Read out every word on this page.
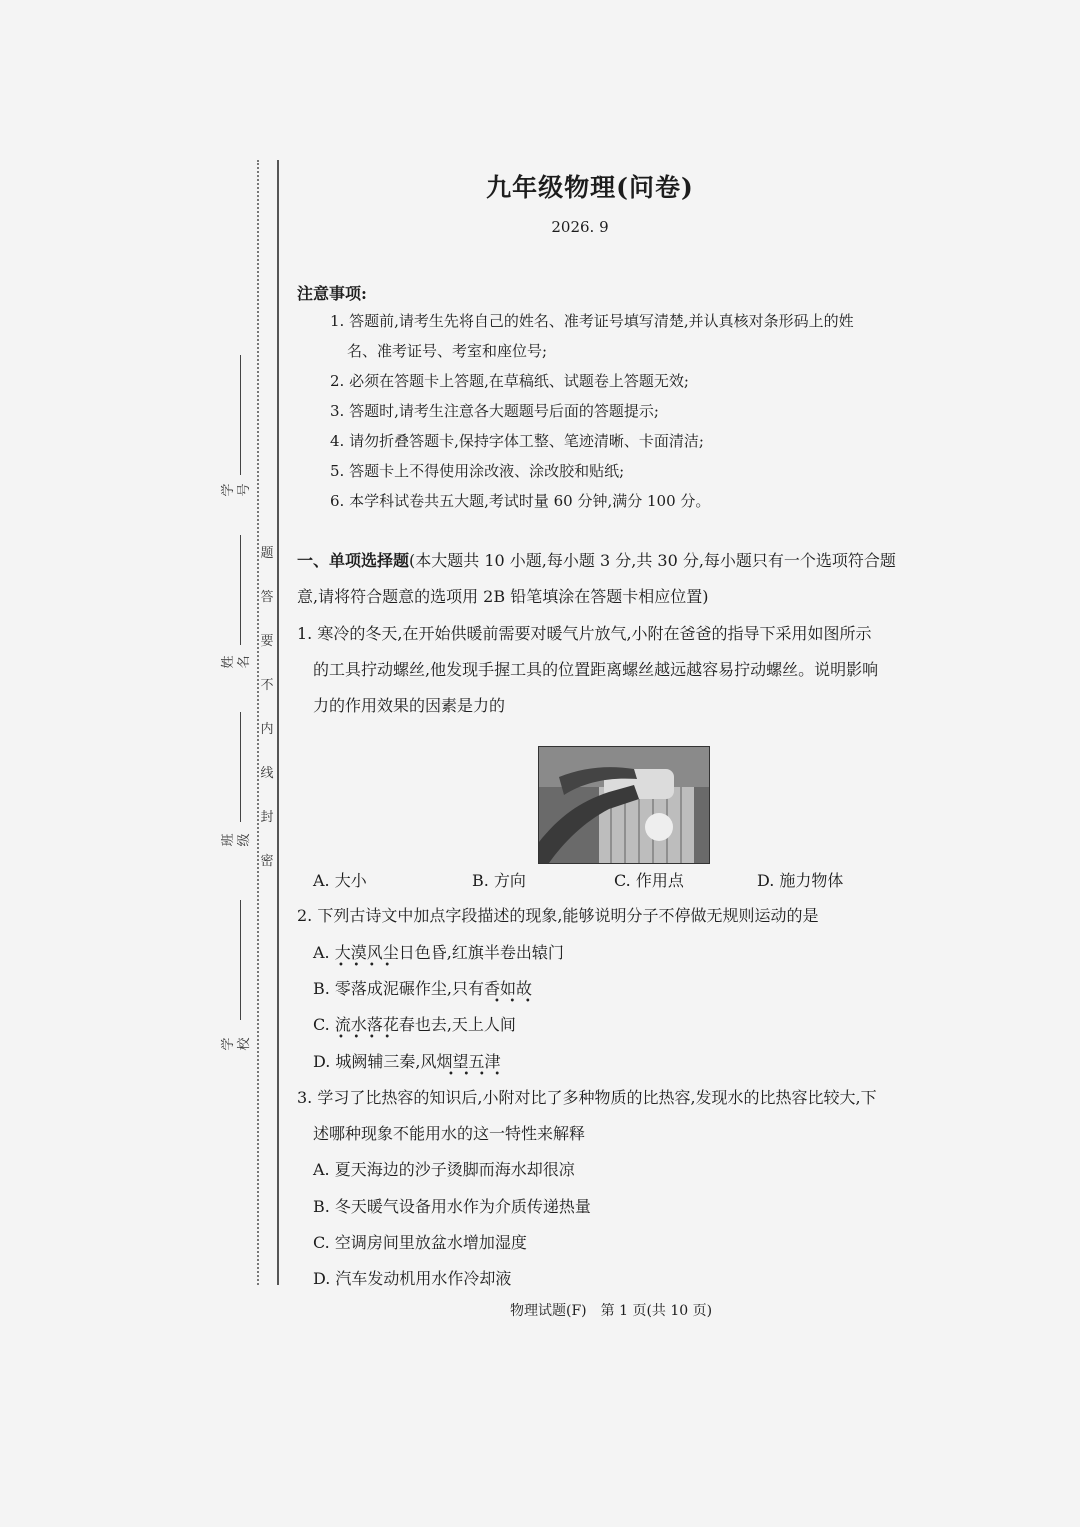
题
答
要
不
内
线
封
密
学号
姓名
班级
学校
九年级物理(问卷)
2026. 9
注意事项:
1. 答题前,请考生先将自己的姓名、准考证号填写清楚,并认真核对条形码上的姓
名、准考证号、考室和座位号;
2. 必须在答题卡上答题,在草稿纸、试题卷上答题无效;
3. 答题时,请考生注意各大题题号后面的答题提示;
4. 请勿折叠答题卡,保持字体工整、笔迹清晰、卡面清洁;
5. 答题卡上不得使用涂改液、涂改胶和贴纸;
6. 本学科试卷共五大题,考试时量 60 分钟,满分 100 分。
一、单项选择题(本大题共 10 小题,每小题 3 分,共 30 分,每小题只有一个选项符合题
意,请将符合题意的选项用 2B 铅笔填涂在答题卡相应位置)
1. 寒冷的冬天,在开始供暖前需要对暖气片放气,小附在爸爸的指导下采用如图所示
的工具拧动螺丝,他发现手握工具的位置距离螺丝越远越容易拧动螺丝。说明影响
力的作用效果的因素是力的
A. 大小	B. 方向	C. 作用点	D. 施力物体
2. 下列古诗文中加点字段描述的现象,能够说明分子不停做无规则运动的是
A. 大漠风尘日色昏,红旗半卷出辕门
•   •   •   •
B. 零落成泥碾作尘,只有香如故
•   •   •
C. 流水落花春也去,天上人间
•   •   •   •
D. 城阙辅三秦,风烟望五津
•   •   •   •
3. 学习了比热容的知识后,小附对比了多种物质的比热容,发现水的比热容比较大,下
述哪种现象不能用水的这一特性来解释
A. 夏天海边的沙子烫脚而海水却很凉
B. 冬天暖气设备用水作为介质传递热量
C. 空调房间里放盆水增加湿度
D. 汽车发动机用水作冷却液
物理试题(F)　第 1 页(共 10 页)
